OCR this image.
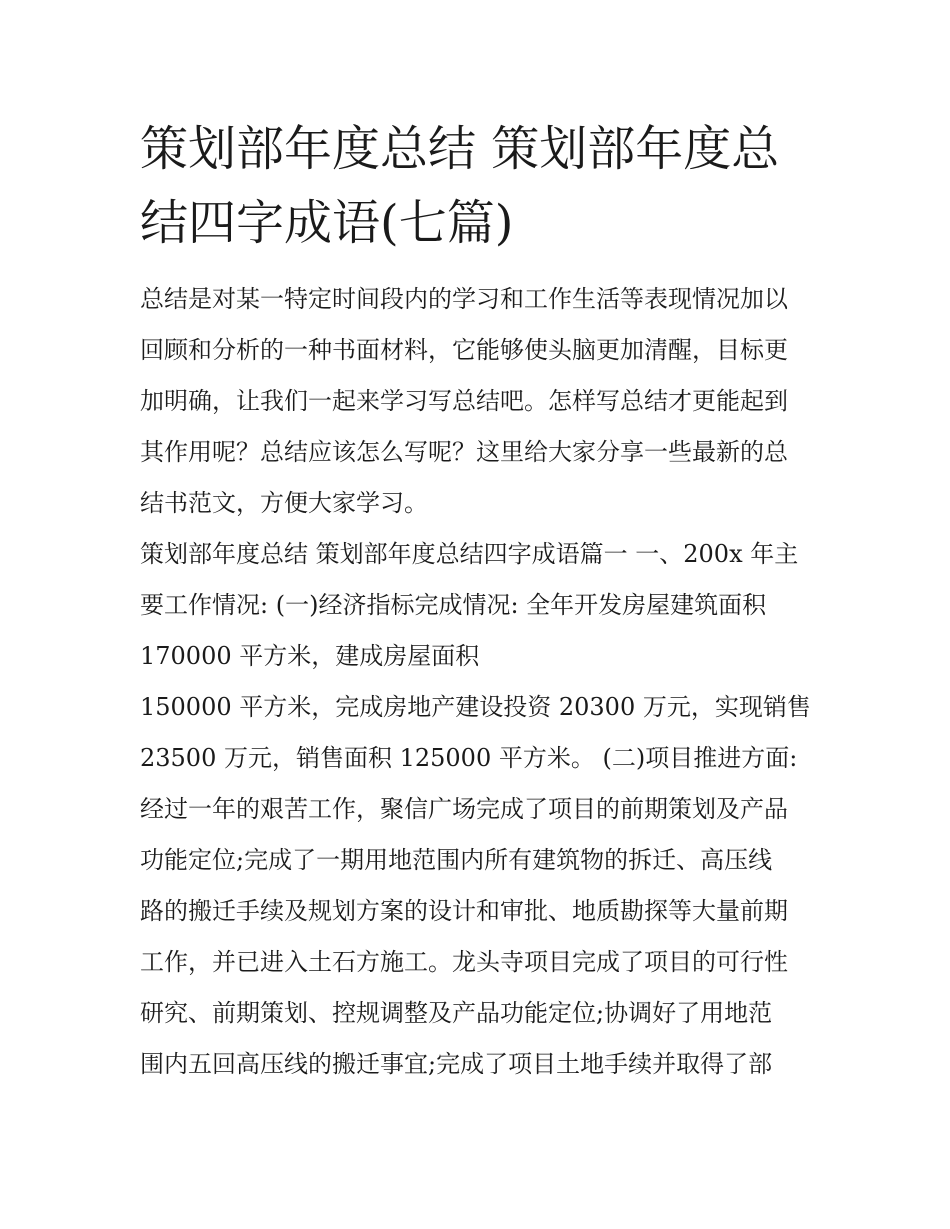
策划部年度总结 策划部年度总
结四字成语(七篇)

总结是对某一特定时间段内的学习和工作生活等表现情况加以

回顾和分析的一种书面材料，它能够使头脑更加清醒，目标更

加明确，让我们一起来学习写总结吧。怎样写总结才更能起到

其作用呢？总结应该怎么写呢？这里给大家分享一些最新的总

结书范文，方便大家学习。

策划部年度总结 策划部年度总结四字成语篇一 一、200x 年主

要工作情况: (一)经济指标完成情况: 全年开发房屋建筑面积

170000 平方米，建成房屋面积

150000 平方米，完成房地产建设投资 20300 万元，实现销售

23500 万元，销售面积 125000 平方米。 (二)项目推进方面:

经过一年的艰苦工作，聚信广场完成了项目的前期策划及产品

功能定位;完成了一期用地范围内所有建筑物的拆迁、高压线

路的搬迁手续及规划方案的设计和审批、地质勘探等大量前期

工作，并已进入土石方施工。龙头寺项目完成了项目的可行性

研究、前期策划、控规调整及产品功能定位;协调好了用地范

围内五回高压线的搬迁事宜;完成了项目土地手续并取得了部
